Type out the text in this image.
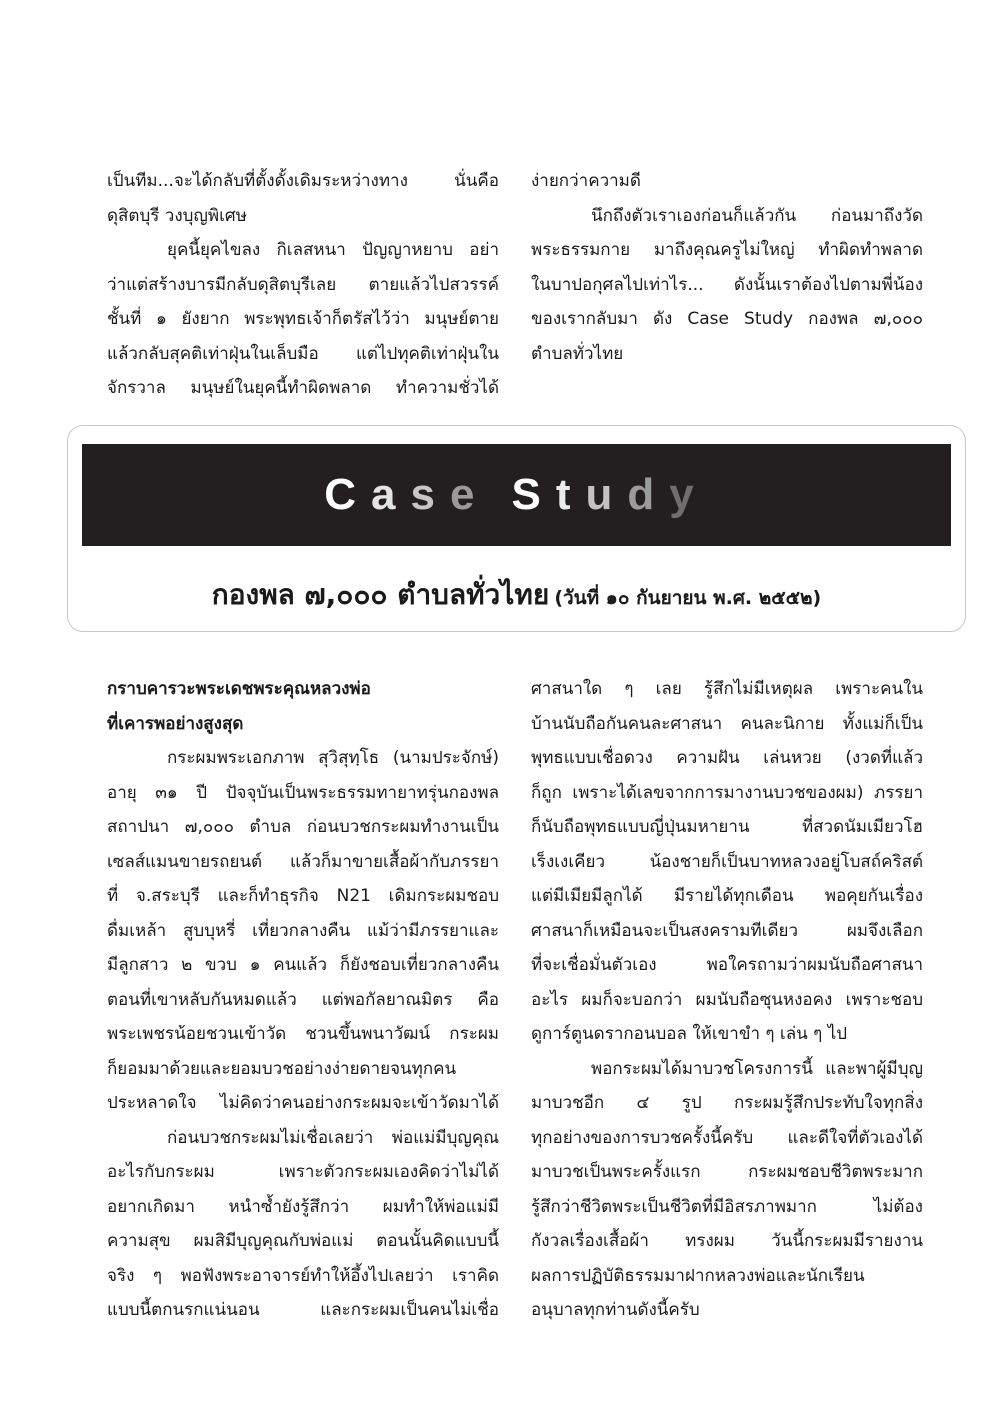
เป็นทีม...จะได้กลับที่ตั้งดั้งเดิมระหว่างทาง นั่นคือ
ดุสิตบุรี วงบุญพิเศษ
ยุคนี้ยุคไขลง กิเลสหนา ปัญญาหยาบ อย่า
ว่าแต่สร้างบารมีกลับดุสิตบุรีเลย ตายแล้วไปสวรรค์
ชั้นที่ ๑ ยังยาก พระพุทธเจ้าก็ตรัสไว้ว่า มนุษย์ตาย
แล้วกลับสุคติเท่าฝุ่นในเล็บมือ แต่ไปทุคติเท่าฝุ่นใน
จักรวาล มนุษย์ในยุคนี้ทำผิดพลาด ทำความชั่วได้
ง่ายกว่าความดี
นึกถึงตัวเราเองก่อนก็แล้วกัน ก่อนมาถึงวัด
พระธรรมกาย มาถึงคุณครูไม่ใหญ่ ทำผิดทำพลาด
ในบาปอกุศลไปเท่าไร... ดังนั้นเราต้องไปตามพี่น้อง
ของเรากลับมา ดัง Case Study กองพล ๗,๐๐๐
ตำบลทั่วไทย
Case Study
กองพล ๗,๐๐๐ ตำบลทั่วไทย (วันที่ ๑๐ กันยายน พ.ศ. ๒๕๕๒)
กราบคารวะพระเดชพระคุณหลวงพ่อ
ที่เคารพอย่างสูงสุด
กระผมพระเอกภาพ สุวิสุทฺโธ (นามประจักษ์)
อายุ ๓๑ ปี ปัจจุบันเป็นพระธรรมทายาทรุ่นกองพล
สถาปนา ๗,๐๐๐ ตำบล ก่อนบวชกระผมทำงานเป็น
เซลส์แมนขายรถยนต์ แล้วก็มาขายเสื้อผ้ากับภรรยา
ที่ จ.สระบุรี และก็ทำธุรกิจ N21 เดิมกระผมชอบ
ดื่มเหล้า สูบบุหรี่ เที่ยวกลางคืน แม้ว่ามีภรรยาและ
มีลูกสาว ๒ ขวบ ๑ คนแล้ว ก็ยังชอบเที่ยวกลางคืน
ตอนที่เขาหลับกันหมดแล้ว แต่พอกัลยาณมิตร คือ
พระเพชรน้อยชวนเข้าวัด ชวนขึ้นพนาวัฒน์ กระผม
ก็ยอมมาด้วยและยอมบวชอย่างง่ายดายจนทุกคน
ประหลาดใจ ไม่คิดว่าคนอย่างกระผมจะเข้าวัดมาได้
ก่อนบวชกระผมไม่เชื่อเลยว่า พ่อแม่มีบุญคุณ
อะไรกับกระผม เพราะตัวกระผมเองคิดว่าไม่ได้
อยากเกิดมา หนำซ้ำยังรู้สึกว่า ผมทำให้พ่อแม่มี
ความสุข ผมสิมีบุญคุณกับพ่อแม่ ตอนนั้นคิดแบบนี้
จริง ๆ พอฟังพระอาจารย์ทำให้อึ้งไปเลยว่า เราคิด
แบบนี้ตกนรกแน่นอน และกระผมเป็นคนไม่เชื่อ
ศาสนาใด ๆ เลย รู้สึกไม่มีเหตุผล เพราะคนใน
บ้านนับถือกันคนละศาสนา คนละนิกาย ทั้งแม่ก็เป็น
พุทธแบบเชื่อดวง ความฝัน เล่นหวย (งวดที่แล้ว
ก็ถูก เพราะได้เลขจากการมางานบวชของผม) ภรรยา
ก็นับถือพุทธแบบญี่ปุ่นมหายาน ที่สวดนัมเมียวโฮ
เร็งเงเคียว น้องชายก็เป็นบาทหลวงอยู่โบสถ์คริสต์
แต่มีเมียมีลูกได้ มีรายได้ทุกเดือน พอคุยกันเรื่อง
ศาสนาก็เหมือนจะเป็นสงครามทีเดียว ผมจึงเลือก
ที่จะเชื่อมั่นตัวเอง พอใครถามว่าผมนับถือศาสนา
อะไร ผมก็จะบอกว่า ผมนับถือซุนหงอคง เพราะชอบ
ดูการ์ตูนดรากอนบอล ให้เขาขำ ๆ เล่น ๆ ไป
พอกระผมได้มาบวชโครงการนี้ และพาผู้มีบุญ
มาบวชอีก ๔ รูป กระผมรู้สึกประทับใจทุกสิ่ง
ทุกอย่างของการบวชครั้งนี้ครับ และดีใจที่ตัวเองได้
มาบวชเป็นพระครั้งแรก กระผมชอบชีวิตพระมาก
รู้สึกว่าชีวิตพระเป็นชีวิตที่มีอิสรภาพมาก ไม่ต้อง
กังวลเรื่องเสื้อผ้า ทรงผม วันนี้กระผมมีรายงาน
ผลการปฏิบัติธรรมมาฝากหลวงพ่อและนักเรียน
อนุบาลทุกท่านดังนี้ครับ
